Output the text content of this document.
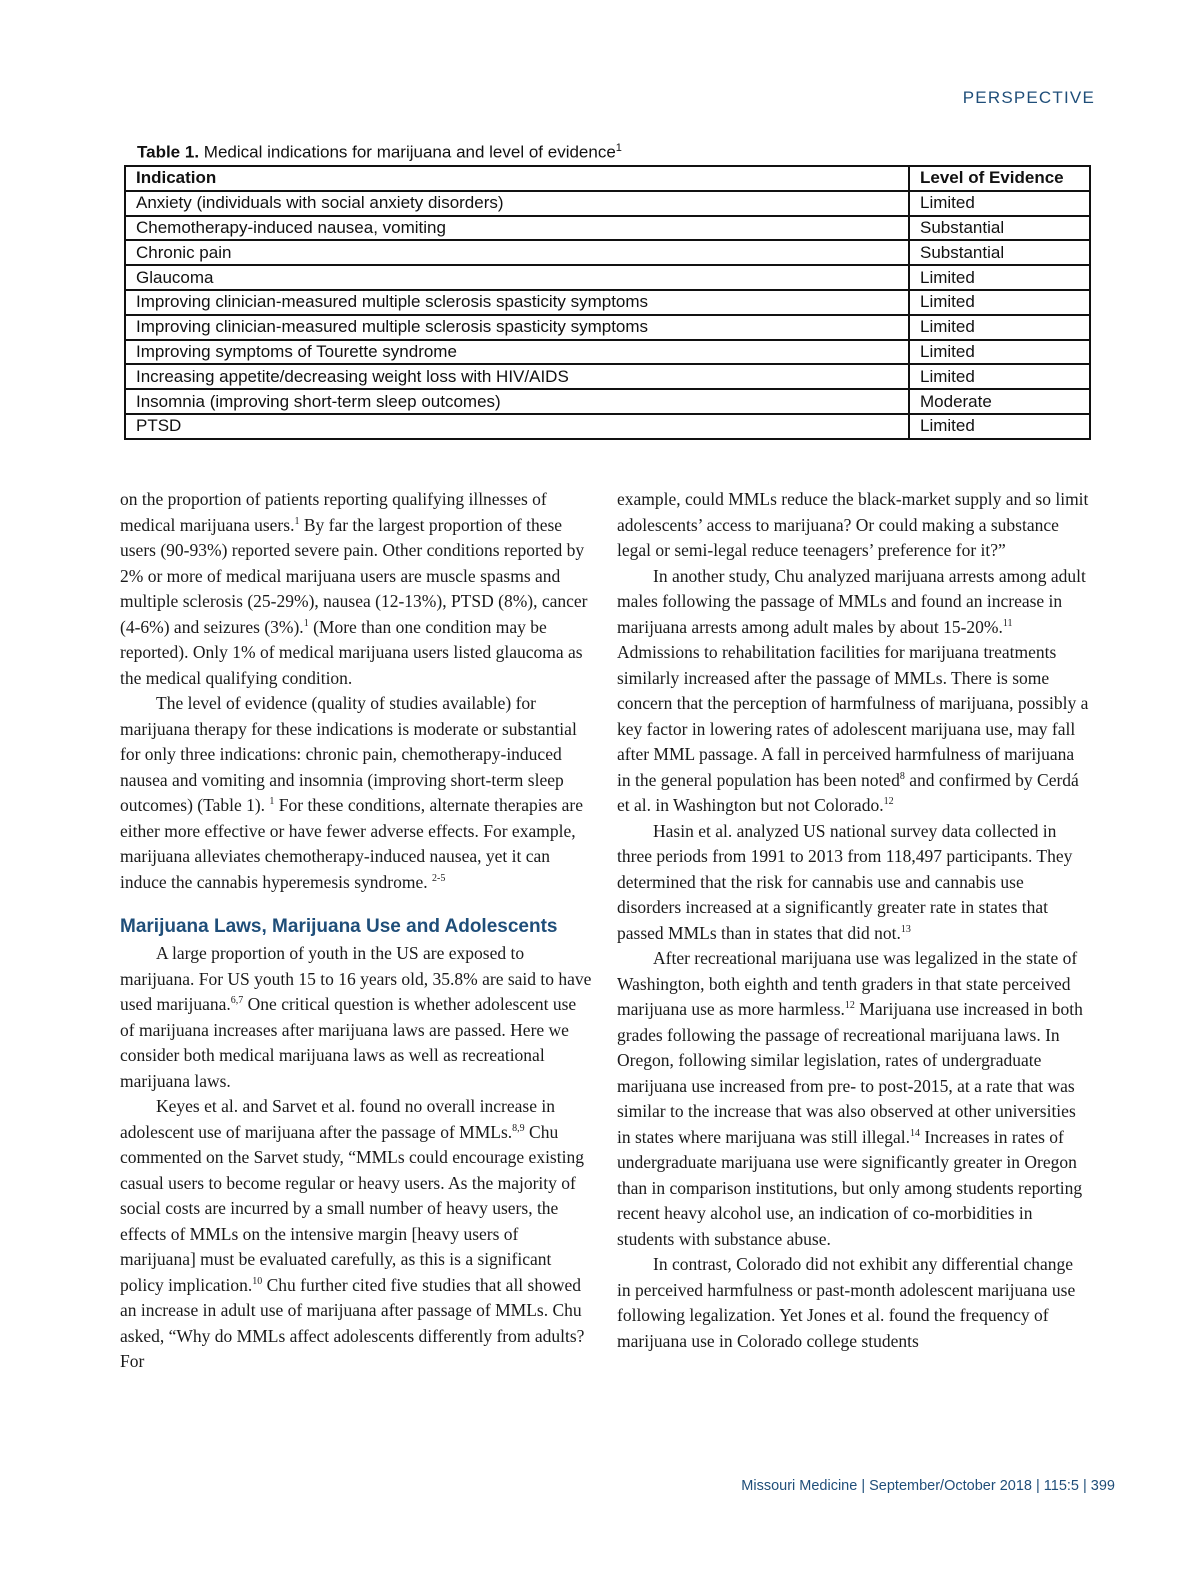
PERSPECTIVE
Table 1. Medical indications for marijuana and level of evidence$^1$
Indication	Level of Evidence
Anxiety (individuals with social anxiety disorders)	Limited
Chemotherapy-induced nausea, vomiting	Substantial
Chronic pain	Substantial
Glaucoma	Limited
Improving clinician-measured multiple sclerosis spasticity symptoms	Limited
Improving clinician-measured multiple sclerosis spasticity symptoms	Limited
Improving symptoms of Tourette syndrome	Limited
Increasing appetite/decreasing weight loss with HIV/AIDS	Limited
Insomnia (improving short-term sleep outcomes)	Moderate
PTSD	Limited

on the proportion of patients reporting qualifying illnesses of medical marijuana users.$^1$ By far the largest proportion of these users (90-93%) reported severe pain. Other conditions reported by 2% or more of medical marijuana users are muscle spasms and multiple sclerosis (25-29%), nausea (12-13%), PTSD (8%), cancer (4-6%) and seizures (3%).$^1$ (More than one condition may be reported). Only 1% of medical marijuana users listed glaucoma as the medical qualifying condition.

The level of evidence (quality of studies available) for marijuana therapy for these indications is moderate or substantial for only three indications: chronic pain, chemotherapy-induced nausea and vomiting and insomnia (improving short-term sleep outcomes) (Table 1). $^1$ For these conditions, alternate therapies are either more effective or have fewer adverse effects. For example, marijuana alleviates chemotherapy-induced nausea, yet it can induce the cannabis hyperemesis syndrome. $^{2-5}$

Marijuana Laws, Marijuana Use and Adolescents

A large proportion of youth in the US are exposed to marijuana. For US youth 15 to 16 years old, 35.8% are said to have used marijuana.$^{6,7}$ One critical question is whether adolescent use of marijuana increases after marijuana laws are passed. Here we consider both medical marijuana laws as well as recreational marijuana laws.

Keyes et al. and Sarvet et al. found no overall increase in adolescent use of marijuana after the passage of MMLs.$^{8,9}$ Chu commented on the Sarvet study, “MMLs could encourage existing casual users to become regular or heavy users. As the majority of social costs are incurred by a small number of heavy users, the effects of MMLs on the intensive margin [heavy users of marijuana] must be evaluated carefully, as this is a significant policy implication.$^{10}$ Chu further cited five studies that all showed an increase in adult use of marijuana after passage of MMLs. Chu asked, “Why do MMLs affect adolescents differently from adults? For

example, could MMLs reduce the black-market supply and so limit adolescents’ access to marijuana? Or could making a substance legal or semi-legal reduce teenagers’ preference for it?”

In another study, Chu analyzed marijuana arrests among adult males following the passage of MMLs and found an increase in marijuana arrests among adult males by about 15-20%.$^{11}$ Admissions to rehabilitation facilities for marijuana treatments similarly increased after the passage of MMLs. There is some concern that the perception of harmfulness of marijuana, possibly a key factor in lowering rates of adolescent marijuana use, may fall after MML passage. A fall in perceived harmfulness of marijuana in the general population has been noted$^8$ and confirmed by Cerdá et al. in Washington but not Colorado.$^{12}$

Hasin et al. analyzed US national survey data collected in three periods from 1991 to 2013 from 118,497 participants. They determined that the risk for cannabis use and cannabis use disorders increased at a significantly greater rate in states that passed MMLs than in states that did not.$^{13}$

After recreational marijuana use was legalized in the state of Washington, both eighth and tenth graders in that state perceived marijuana use as more harmless.$^{12}$ Marijuana use increased in both grades following the passage of recreational marijuana laws. In Oregon, following similar legislation, rates of undergraduate marijuana use increased from pre- to post-2015, at a rate that was similar to the increase that was also observed at other universities in states where marijuana was still illegal.$^{14}$ Increases in rates of undergraduate marijuana use were significantly greater in Oregon than in comparison institutions, but only among students reporting recent heavy alcohol use, an indication of co-morbidities in students with substance abuse.

In contrast, Colorado did not exhibit any differential change in perceived harmfulness or past-month adolescent marijuana use following legalization. Yet Jones et al. found the frequency of marijuana use in Colorado college students

Missouri Medicine | September/October 2018 | 115:5 | 399
